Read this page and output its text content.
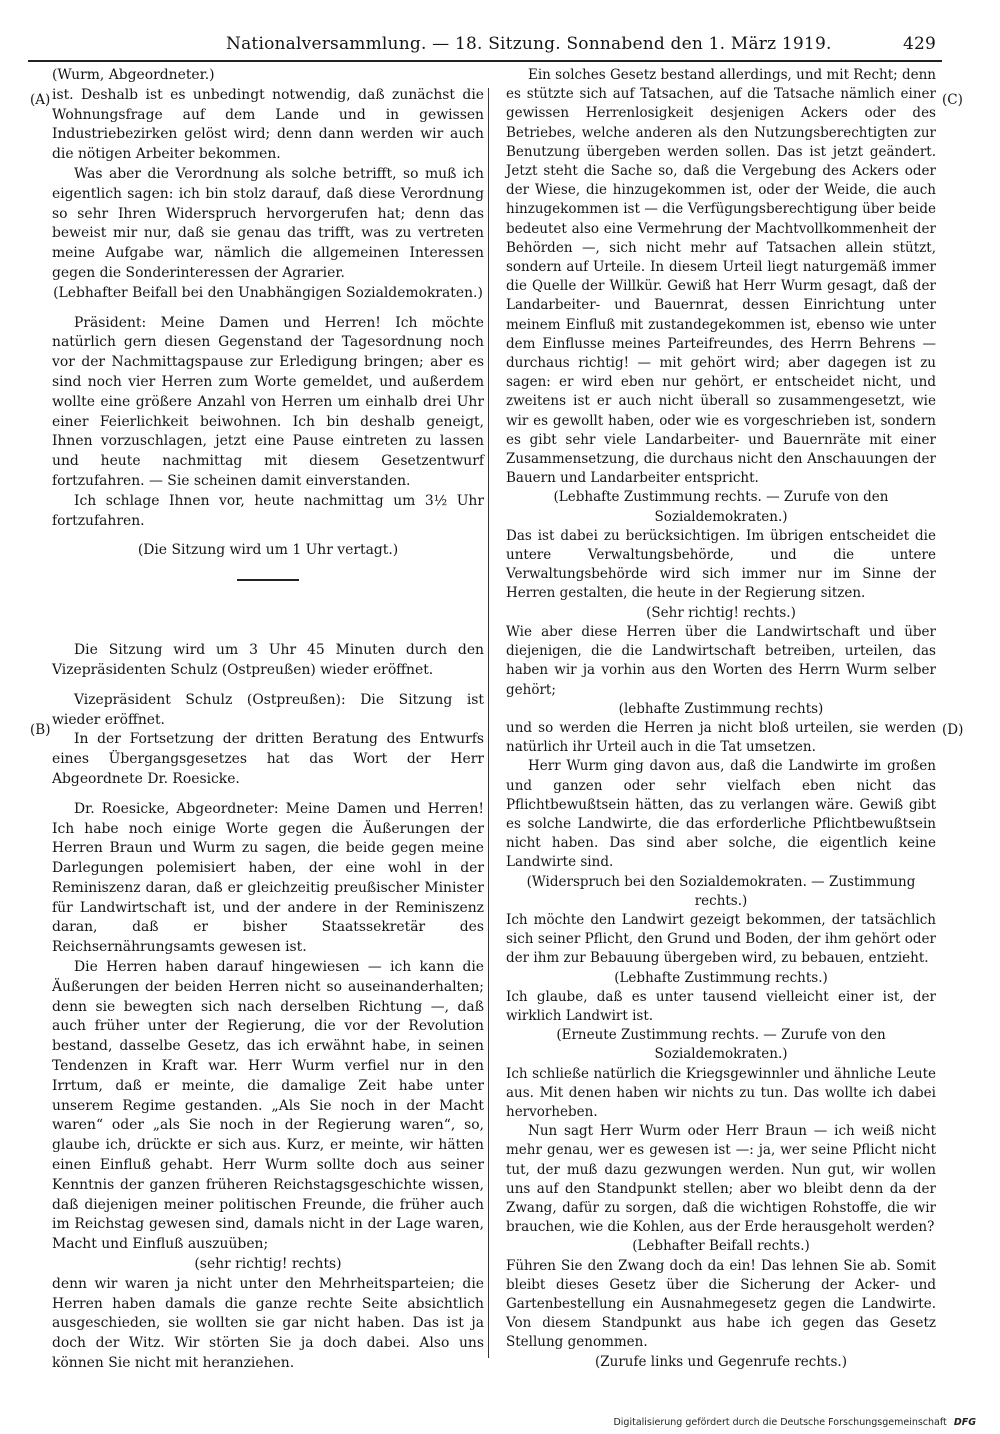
Nationalversammlung. — 18. Sitzung. Sonnabend den 1. März 1919.	429
(A)
(B)
(C)
(D)

(Wurm, Abgeordneter.)

ist. Deshalb ist es unbedingt notwendig, daß zunächst die Wohnungsfrage auf dem Lande und in gewissen Industriebezirken gelöst wird; denn dann werden wir auch die nötigen Arbeiter bekommen.

Was aber die Verordnung als solche betrifft, so muß ich eigentlich sagen: ich bin stolz darauf, daß diese Verordnung so sehr Ihren Widerspruch hervorgerufen hat; denn das beweist mir nur, daß sie genau das trifft, was zu vertreten meine Aufgabe war, nämlich die allgemeinen Interessen gegen die Sonderinteressen der Agrarier.

(Lebhafter Beifall bei den Unabhängigen Sozialdemokraten.)

Präsident: Meine Damen und Herren! Ich möchte natürlich gern diesen Gegenstand der Tagesordnung noch vor der Nachmittagspause zur Erledigung bringen; aber es sind noch vier Herren zum Worte gemeldet, und außerdem wollte eine größere Anzahl von Herren um einhalb drei Uhr einer Feierlichkeit beiwohnen. Ich bin deshalb geneigt, Ihnen vorzuschlagen, jetzt eine Pause eintreten zu lassen und heute nachmittag mit diesem Gesetzentwurf fortzufahren. — Sie scheinen damit einverstanden.

Ich schlage Ihnen vor, heute nachmittag um 3½ Uhr fortzufahren.

(Die Sitzung wird um 1 Uhr vertagt.)

Die Sitzung wird um 3 Uhr 45 Minuten durch den Vizepräsidenten Schulz (Ostpreußen) wieder eröffnet.

Vizepräsident Schulz (Ostpreußen): Die Sitzung ist wieder eröffnet.

In der Fortsetzung der dritten Beratung des Entwurfs eines Übergangsgesetzes hat das Wort der Herr Abgeordnete Dr. Roesicke.

Dr. Roesicke, Abgeordneter: Meine Damen und Herren! Ich habe noch einige Worte gegen die Äußerungen der Herren Braun und Wurm zu sagen, die beide gegen meine Darlegungen polemisiert haben, der eine wohl in der Reminiszenz daran, daß er gleichzeitig preußischer Minister für Landwirtschaft ist, und der andere in der Reminiszenz daran, daß er bisher Staatssekretär des Reichsernährungsamts gewesen ist.

Die Herren haben darauf hingewiesen — ich kann die Äußerungen der beiden Herren nicht so auseinanderhalten; denn sie bewegten sich nach derselben Richtung —, daß auch früher unter der Regierung, die vor der Revolution bestand, dasselbe Gesetz, das ich erwähnt habe, in seinen Tendenzen in Kraft war. Herr Wurm verfiel nur in den Irrtum, daß er meinte, die damalige Zeit habe unter unserem Regime gestanden. „Als Sie noch in der Macht waren“ oder „als Sie noch in der Regierung waren“, so, glaube ich, drückte er sich aus. Kurz, er meinte, wir hätten einen Einfluß gehabt. Herr Wurm sollte doch aus seiner Kenntnis der ganzen früheren Reichstagsgeschichte wissen, daß diejenigen meiner politischen Freunde, die früher auch im Reichstag gewesen sind, damals nicht in der Lage waren, Macht und Einfluß auszuüben;

(sehr richtig! rechts)

denn wir waren ja nicht unter den Mehrheitsparteien; die Herren haben damals die ganze rechte Seite absichtlich ausgeschieden, sie wollten sie gar nicht haben. Das ist ja doch der Witz. Wir störten Sie ja doch dabei. Also uns können Sie nicht mit heranziehen.

Ein solches Gesetz bestand allerdings, und mit Recht; denn es stützte sich auf Tatsachen, auf die Tatsache nämlich einer gewissen Herrenlosigkeit desjenigen Ackers oder des Betriebes, welche anderen als den Nutzungsberechtigten zur Benutzung übergeben werden sollen. Das ist jetzt geändert. Jetzt steht die Sache so, daß die Vergebung des Ackers oder der Wiese, die hinzugekommen ist, oder der Weide, die auch hinzugekommen ist — die Verfügungsberechtigung über beide bedeutet also eine Vermehrung der Machtvollkommenheit der Behörden —, sich nicht mehr auf Tatsachen allein stützt, sondern auf Urteile. In diesem Urteil liegt naturgemäß immer die Quelle der Willkür. Gewiß hat Herr Wurm gesagt, daß der Landarbeiter- und Bauernrat, dessen Einrichtung unter meinem Einfluß mit zustandegekommen ist, ebenso wie unter dem Einflusse meines Parteifreundes, des Herrn Behrens — durchaus richtig! — mit gehört wird; aber dagegen ist zu sagen: er wird eben nur gehört, er entscheidet nicht, und zweitens ist er auch nicht überall so zusammengesetzt, wie wir es gewollt haben, oder wie es vorgeschrieben ist, sondern es gibt sehr viele Landarbeiter- und Bauernräte mit einer Zusammensetzung, die durchaus nicht den Anschauungen der Bauern und Landarbeiter entspricht.

(Lebhafte Zustimmung rechts. — Zurufe von den Sozialdemokraten.)

Das ist dabei zu berücksichtigen. Im übrigen entscheidet die untere Verwaltungsbehörde, und die untere Verwaltungsbehörde wird sich immer nur im Sinne der Herren gestalten, die heute in der Regierung sitzen.

(Sehr richtig! rechts.)

Wie aber diese Herren über die Landwirtschaft und über diejenigen, die die Landwirtschaft betreiben, urteilen, das haben wir ja vorhin aus den Worten des Herrn Wurm selber gehört;

(lebhafte Zustimmung rechts)

und so werden die Herren ja nicht bloß urteilen, sie werden natürlich ihr Urteil auch in die Tat umsetzen.

Herr Wurm ging davon aus, daß die Landwirte im großen und ganzen oder sehr vielfach eben nicht das Pflichtbewußtsein hätten, das zu verlangen wäre. Gewiß gibt es solche Landwirte, die das erforderliche Pflichtbewußtsein nicht haben. Das sind aber solche, die eigentlich keine Landwirte sind.

(Widerspruch bei den Sozialdemokraten. — Zustimmung rechts.)

Ich möchte den Landwirt gezeigt bekommen, der tatsächlich sich seiner Pflicht, den Grund und Boden, der ihm gehört oder der ihm zur Bebauung übergeben wird, zu bebauen, entzieht.

(Lebhafte Zustimmung rechts.)

Ich glaube, daß es unter tausend vielleicht einer ist, der wirklich Landwirt ist.

(Erneute Zustimmung rechts. — Zurufe von den Sozialdemokraten.)

Ich schließe natürlich die Kriegsgewinnler und ähnliche Leute aus. Mit denen haben wir nichts zu tun. Das wollte ich dabei hervorheben.

Nun sagt Herr Wurm oder Herr Braun — ich weiß nicht mehr genau, wer es gewesen ist —: ja, wer seine Pflicht nicht tut, der muß dazu gezwungen werden. Nun gut, wir wollen uns auf den Standpunkt stellen; aber wo bleibt denn da der Zwang, dafür zu sorgen, daß die wichtigen Rohstoffe, die wir brauchen, wie die Kohlen, aus der Erde herausgeholt werden?

(Lebhafter Beifall rechts.)

Führen Sie den Zwang doch da ein! Das lehnen Sie ab. Somit bleibt dieses Gesetz über die Sicherung der Acker- und Gartenbestellung ein Ausnahmegesetz gegen die Landwirte. Von diesem Standpunkt aus habe ich gegen das Gesetz Stellung genommen.

(Zurufe links und Gegenrufe rechts.)

Digitalisierung gefördert durch die Deutsche Forschungsgemeinschaft DFG
